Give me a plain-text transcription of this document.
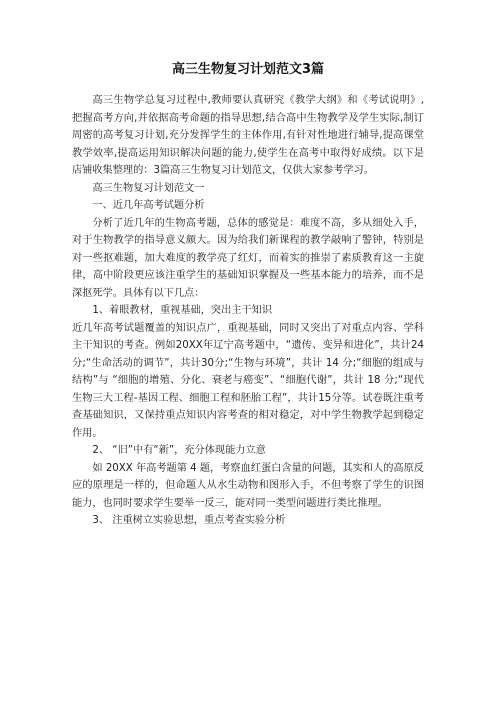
高三生物复习计划范文3篇

高三生物学总复习过程中,教师要认真研究《教学大纲》和《考试说明》,把握高考方向,并依据高考命题的指导思想,结合高中生物教学及学生实际,制订周密的高考复习计划,充分发挥学生的主体作用,有针对性地进行辅导,提高课堂教学效率,提高运用知识解决问题的能力,使学生在高考中取得好成绩。以下是店铺收集整理的：3篇高三生物复习计划范文，仅供大家参考学习。

高三生物复习计划范文一

一、近几年高考试题分析

分析了近几年的生物高考题，总体的感觉是：难度不高，多从细处入手，对于生物教学的指导意义颇大。因为给我们新课程的教学敲响了警钟，特别是对一些抠难题，加大难度的教学亮了红灯，而着实的推崇了素质教育这一主旋律，高中阶段更应该注重学生的基础知识掌握及一些基本能力的培养，而不是深抠死学。具体有以下几点：

1、着眼教材，重视基础，突出主干知识

近几年高考试题覆盖的知识点广，重视基础，同时又突出了对重点内容、学科主干知识的考查。例如20XX年辽宁高考题中，“遗传、变异和进化”，共计24分;“生命活动的调节”，共计30分;“生物与环境”，共计 14 分;“细胞的组成与结构”与 “细胞的增殖、分化、衰老与癌变”、“细胞代谢”，共计 18 分;“现代生物三大工程-基因工程、细胞工程和胚胎工程”，共计15分等。试卷既注重考查基础知识，又保持重点知识内容考查的相对稳定，对中学生物教学起到稳定作用。

2、 “旧”中有“新”，充分体现能力立意

如 20XX 年高考题第 4 题，考察血红蛋白含量的问题，其实和人的高原反应的原理是一样的，但命题人从水生动物和图形入手，不但考察了学生的识图能力，也同时要求学生要举一反三，能对同一类型问题进行类比推理。

3、 注重树立实验思想，重点考查实验分析
